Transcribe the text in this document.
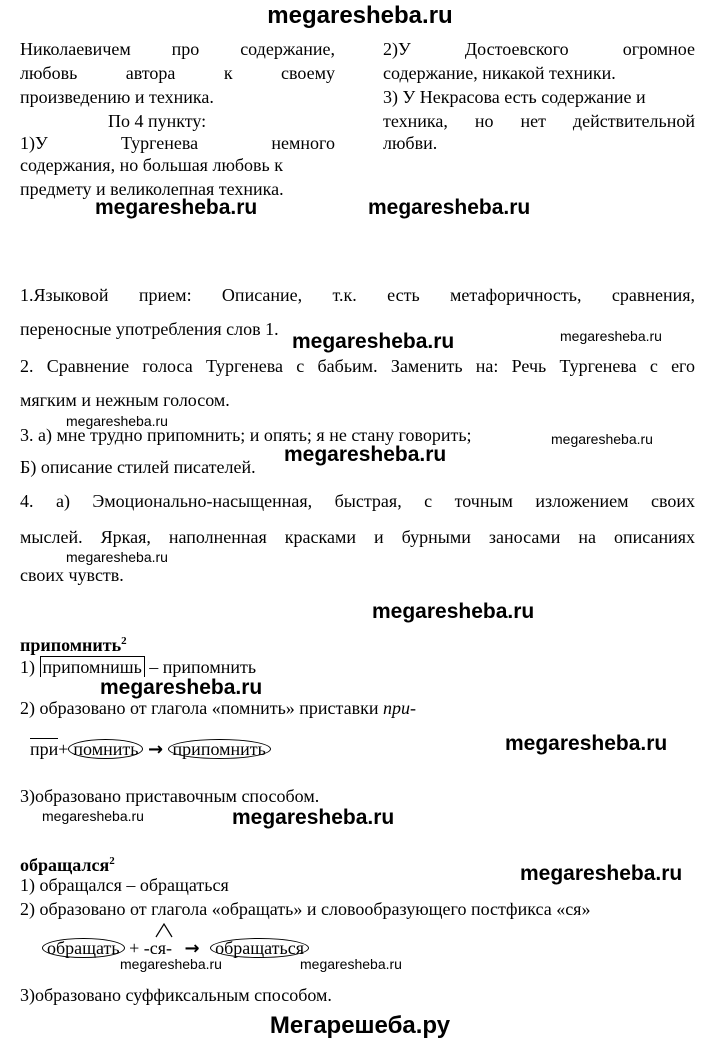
megaresheba.ru
Николаевичем про содержание,
любовь автора к своему
произведению и техника.
По 4 пункту:
1)У Тургенева немного
содержания, но большая любовь к
предмету и великолепная техника.
2)У Достоевского огромное
содержание, никакой техники.
3) У Некрасова есть содержание и
техника, но нет действительной
любви.
megaresheba.ru	megaresheba.ru
1.Языковой прием: Описание, т.к. есть метафоричность, сравнения,
переносные употребления слов 1.
megaresheba.ru	megaresheba.ru
2. Сравнение голоса Тургенева с бабьим. Заменить на: Речь Тургенева с его
мягким и нежным голосом.
megaresheba.ru
3. а) мне трудно припомнить; и опять; я не стану говорить;
Б) описание стилей писателей.
megaresheba.ru
megaresheba.ru
4. а) Эмоционально-насыщенная, быстрая, с точным изложением своих
мыслей. Яркая, наполненная красками и бурными заносами на описаниях
megaresheba.ru
своих чувств.
megaresheba.ru
припомнить$^2$
1) припомнишь – припомнить
megaresheba.ru
2) образовано от глагола «помнить» приставки при-
при+ помнить → припомнить	megaresheba.ru
3)образовано приставочным способом.
megaresheba.ru	megaresheba.ru
обращался$^2$
megaresheba.ru
1) обращался – обращаться
2) образовано от глагола «обращать» и словообразующего постфикса «ся»
обращать + -ся- → обращаться
megaresheba.ru	megaresheba.ru
3)образовано суффиксальным способом.
Мегарешеба.ру
